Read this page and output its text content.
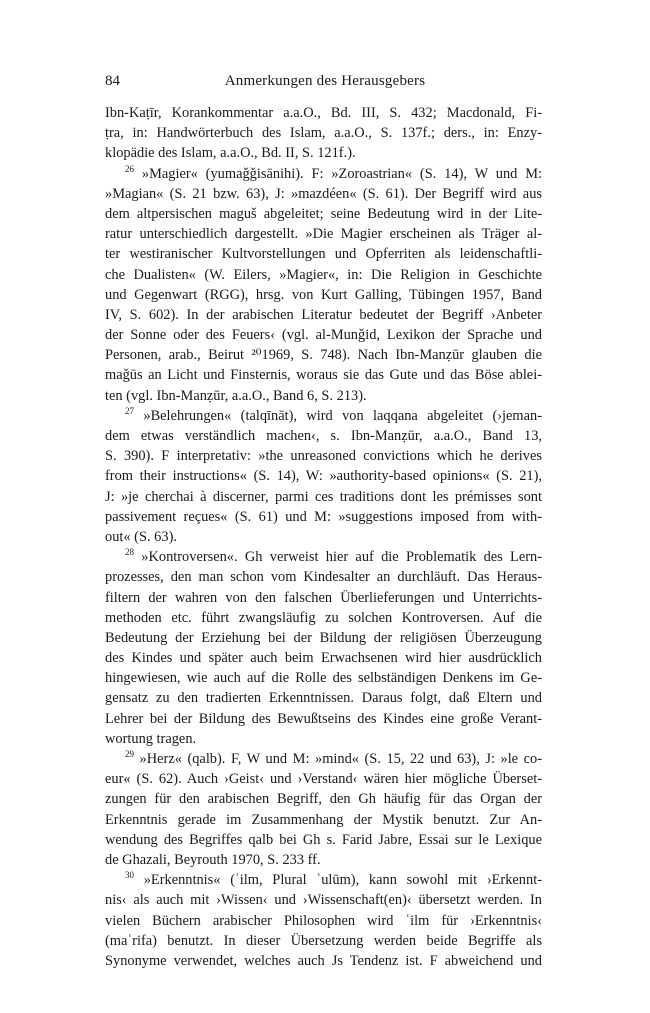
84	Anmerkungen des Herausgebers
Ibn-Kaṭīr, Korankommentar a.a.O., Bd. III, S. 432; Macdonald, Fi-
ṭra, in: Handwörterbuch des Islam, a.a.O., S. 137f.; ders., in: Enzy-
klopädie des Islam, a.a.O., Bd. II, S. 121f.).
$^{26}$ »Magier« (yumaǧǧisānihi). F: »Zoroastrian« (S. 14), W und M:
»Magian« (S. 21 bzw. 63), J: »mazdéen« (S. 61). Der Begriff wird aus
dem altpersischen maguš abgeleitet; seine Bedeutung wird in der Lite-
ratur unterschiedlich dargestellt. »Die Magier erscheinen als Träger al-
ter westiranischer Kultvorstellungen und Opferriten als leidenschaftli-
che Dualisten« (W. Eilers, »Magier«, in: Die Religion in Geschichte
und Gegenwart (RGG), hrsg. von Kurt Galling, Tübingen 1957, Band
IV, S. 602). In der arabischen Literatur bedeutet der Begriff ›Anbeter
der Sonne oder des Feuers‹ (vgl. al-Munǧid, Lexikon der Sprache und
Personen, arab., Beirut ²⁰1969, S. 748). Nach Ibn-Manẓūr glauben die
maǧūs an Licht und Finsternis, woraus sie das Gute und das Böse ablei-
ten (vgl. Ibn-Manẓūr, a.a.O., Band 6, S. 213).
$^{27}$ »Belehrungen« (talqīnāt), wird von laqqana abgeleitet (›jeman-
dem etwas verständlich machen‹, s. Ibn-Manẓūr, a.a.O., Band 13,
S. 390). F interpretativ: »the unreasoned convictions which he derives
from their instructions« (S. 14), W: »authority-based opinions« (S. 21),
J: »je cherchai à discerner, parmi ces traditions dont les prémisses sont
passivement reçues« (S. 61) und M: »suggestions imposed from with-
out« (S. 63).
$^{28}$ »Kontroversen«. Gh verweist hier auf die Problematik des Lern-
prozesses, den man schon vom Kindesalter an durchläuft. Das Heraus-
filtern der wahren von den falschen Überlieferungen und Unterrichts-
methoden etc. führt zwangsläufig zu solchen Kontroversen. Auf die
Bedeutung der Erziehung bei der Bildung der religiösen Überzeugung
des Kindes und später auch beim Erwachsenen wird hier ausdrücklich
hingewiesen, wie auch auf die Rolle des selbständigen Denkens im Ge-
gensatz zu den tradierten Erkenntnissen. Daraus folgt, daß Eltern und
Lehrer bei der Bildung des Bewußtseins des Kindes eine große Verant-
wortung tragen.
$^{29}$ »Herz« (qalb). F, W und M: »mind« (S. 15, 22 und 63), J: »le co-
eur« (S. 62). Auch ›Geist‹ und ›Verstand‹ wären hier mögliche Überset-
zungen für den arabischen Begriff, den Gh häufig für das Organ der
Erkenntnis gerade im Zusammenhang der Mystik benutzt. Zur An-
wendung des Begriffes qalb bei Gh s. Farid Jabre, Essai sur le Lexique
de Ghazali, Beyrouth 1970, S. 233 ff.
$^{30}$ »Erkenntnis« (ʿilm, Plural ʿulūm), kann sowohl mit ›Erkennt-
nis‹ als auch mit ›Wissen‹ und ›Wissenschaft(en)‹ übersetzt werden. In
vielen Büchern arabischer Philosophen wird ʿilm für ›Erkenntnis‹
(maʿrifa) benutzt. In dieser Übersetzung werden beide Begriffe als
Synonyme verwendet, welches auch Js Tendenz ist. F abweichend und
